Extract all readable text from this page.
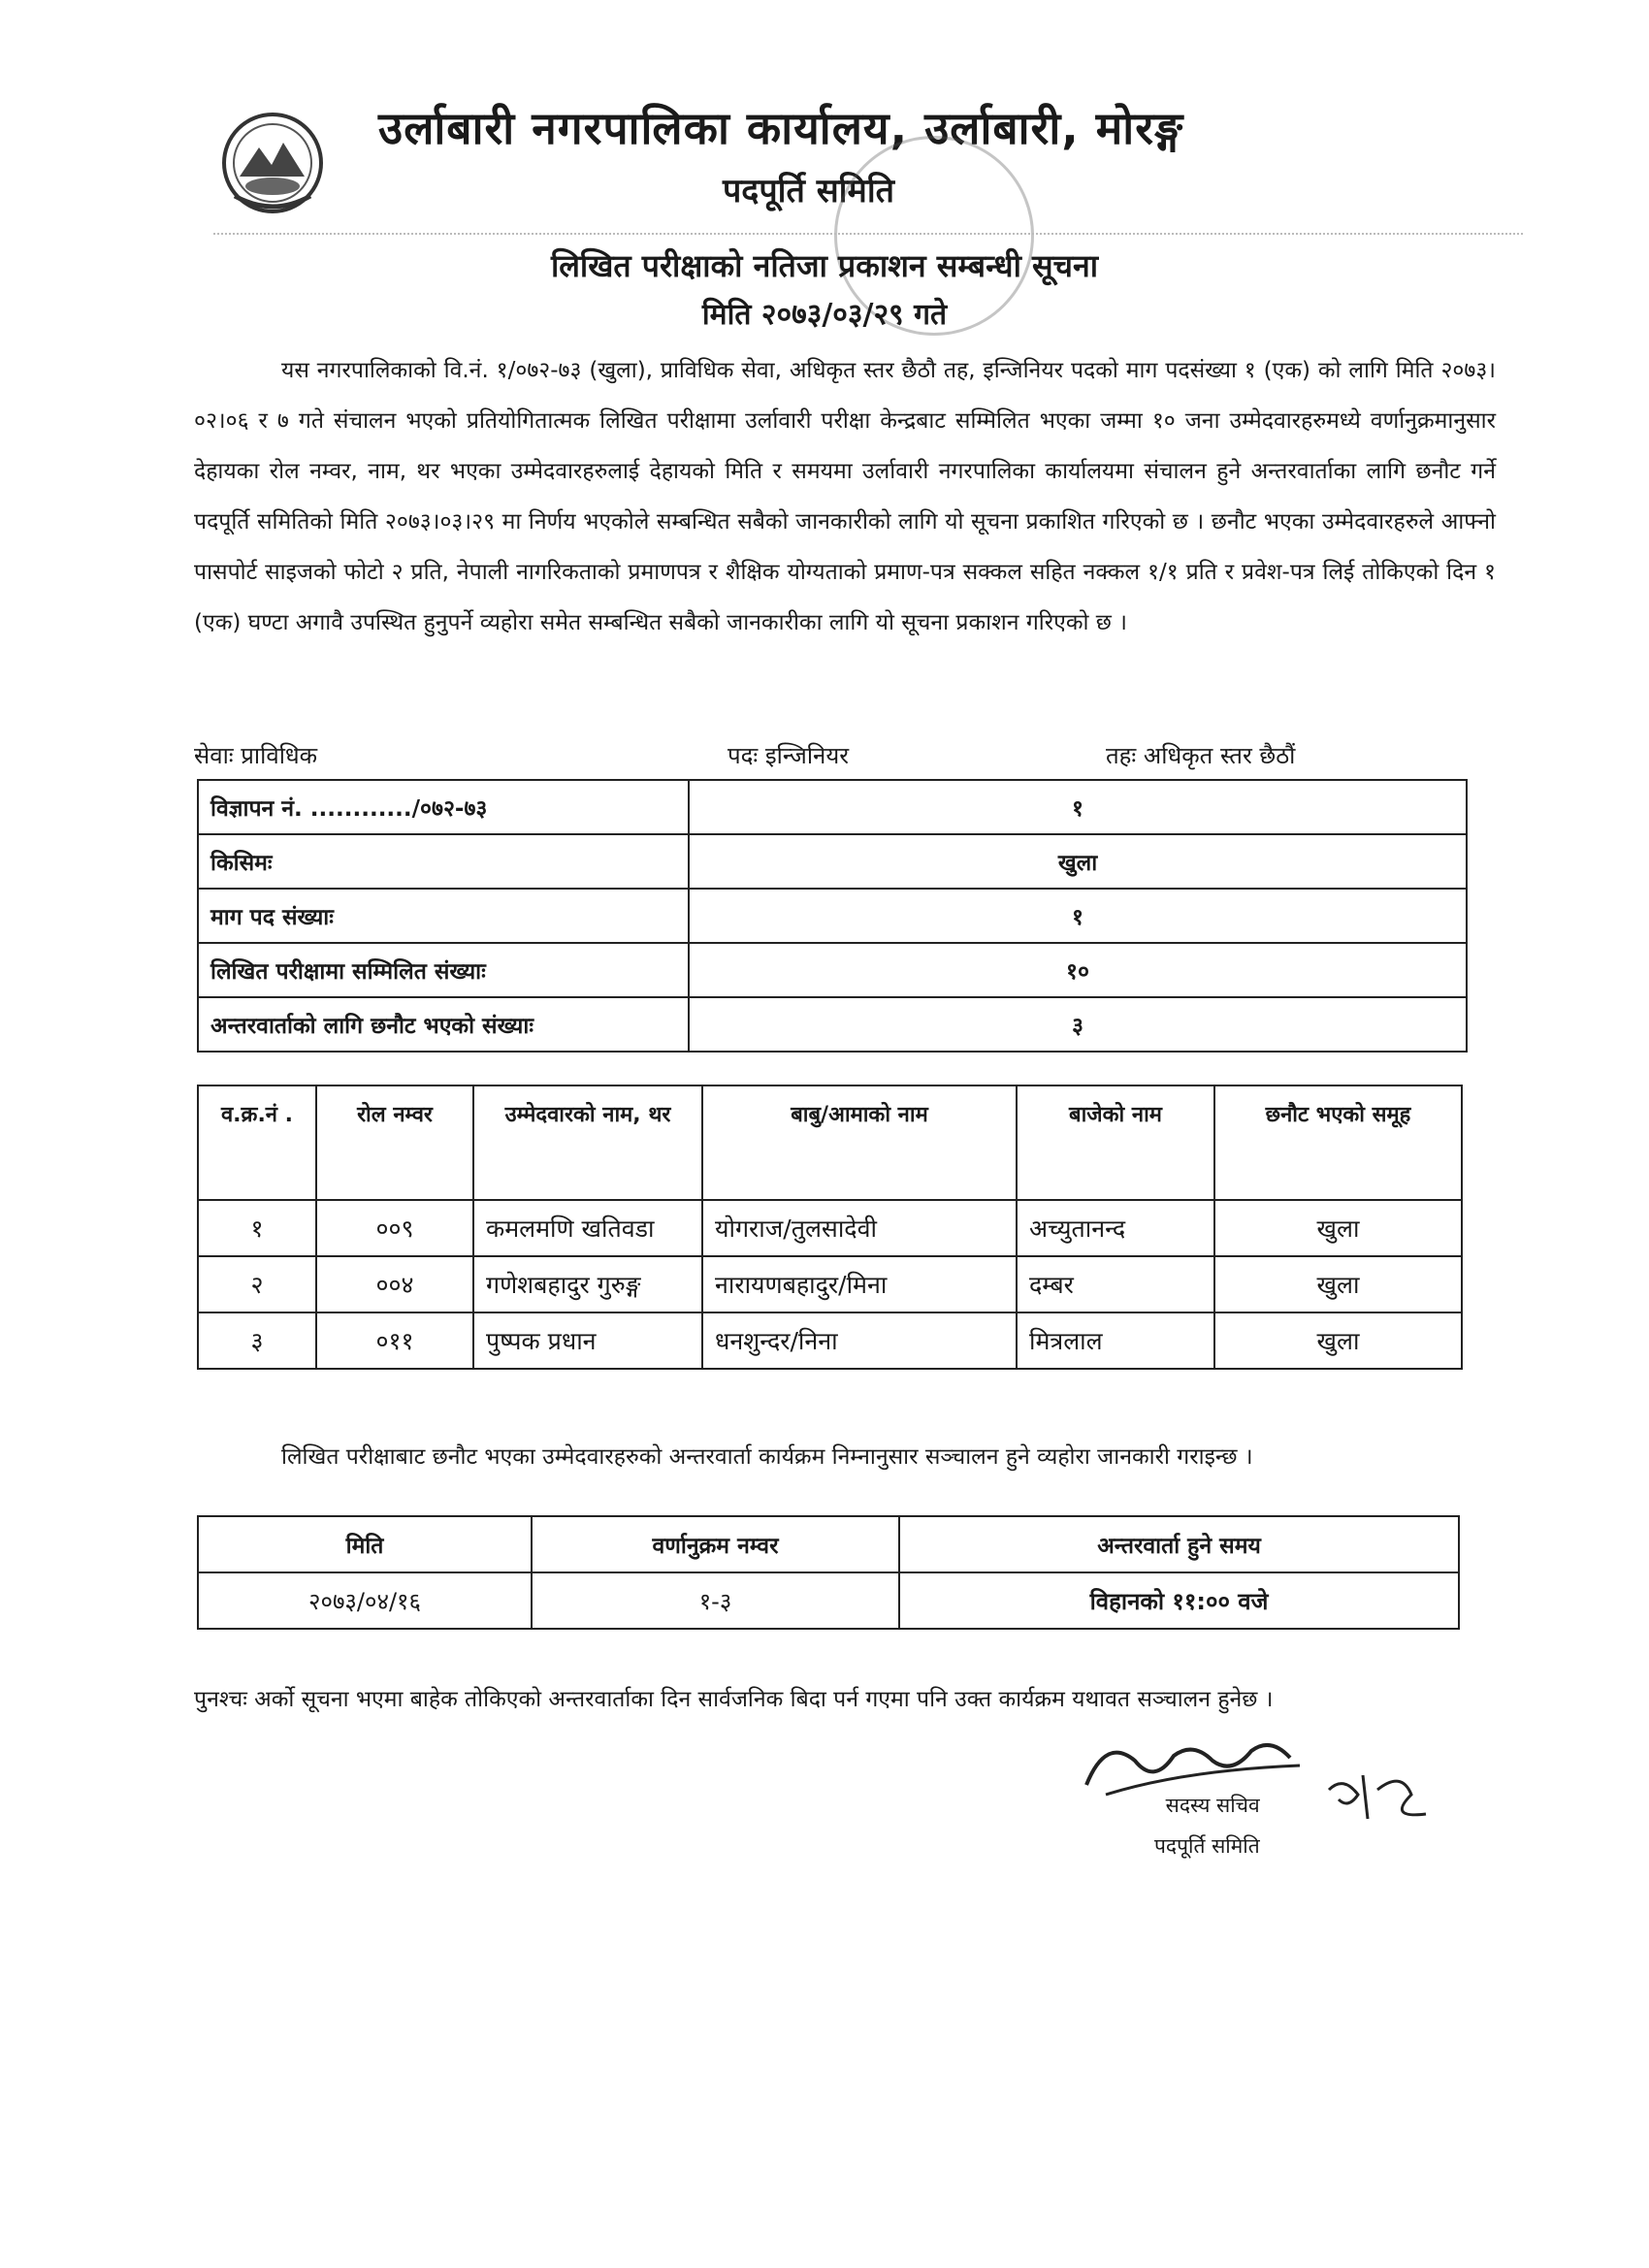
उर्लाबारी नगरपालिका कार्यालय, उर्लाबारी, मोरङ्ग
पदपूर्ति समिति
लिखित परीक्षाको नतिजा प्रकाशन सम्बन्धी सूचना
मिति २०७३/०३/२९ गते

यस नगरपालिकाको वि.नं. १/०७२-७३ (खुला), प्राविधिक सेवा, अधिकृत स्तर छैठौ तह, इन्जिनियर पदको माग पदसंख्या १ (एक) को लागि मिति २०७३।०२।०६ र ७ गते संचालन भएको प्रतियोगितात्मक लिखित परीक्षामा उर्लावारी परीक्षा केन्द्रबाट सम्मिलित भएका जम्मा १० जना उम्मेदवारहरुमध्ये वर्णानुक्रमानुसार देहायका रोल नम्वर, नाम, थर भएका उम्मेदवारहरुलाई देहायको मिति र समयमा उर्लावारी नगरपालिका कार्यालयमा संचालन हुने अन्तरवार्ताका लागि छनौट गर्ने पदपूर्ति समितिको मिति २०७३।०३।२९ मा निर्णय भएकोले सम्बन्धित सबैको जानकारीको लागि यो सूचना प्रकाशित गरिएको छ । छनौट भएका उम्मेदवारहरुले आफ्नो पासपोर्ट साइजको फोटो २ प्रति, नेपाली नागरिकताको प्रमाणपत्र र शैक्षिक योग्यताको प्रमाण-पत्र सक्कल सहित नक्कल १/१ प्रति र प्रवेश-पत्र लिई तोकिएको दिन १ (एक) घण्टा अगावै उपस्थित हुनुपर्ने व्यहोरा समेत सम्बन्धित सबैको जानकारीका लागि यो सूचना प्रकाशन गरिएको छ ।

सेवाः प्राविधिक	पदः इन्जिनियर	तहः अधिकृत स्तर छैठौं
विज्ञापन नं. ............/०७२-७३	१
किसिमः	खुला
माग पद संख्याः	१
लिखित परीक्षामा सम्मिलित संख्याः	१०
अन्तरवार्ताको लागि छनौट भएको संख्याः	३
व.क्र.नं .	रोल नम्वर	उम्मेदवारको नाम, थर	बाबु/आमाको नाम	बाजेको नाम	छनौट भएको समूह
१	००९	कमलमणि खतिवडा	योगराज/तुलसादेवी	अच्युतानन्द	खुला
२	००४	गणेशबहादुर गुरुङ्ग	नारायणबहादुर/मिना	दम्बर	खुला
३	०११	पुष्पक प्रधान	धनशुन्दर/निना	मित्रलाल	खुला

लिखित परीक्षाबाट छनौट भएका उम्मेदवारहरुको अन्तरवार्ता कार्यक्रम निम्नानुसार सञ्चालन हुने व्यहोरा जानकारी गराइन्छ ।

मिति	वर्णानुक्रम नम्वर	अन्तरवार्ता हुने समय
२०७३/०४/१६	१-३	विहानको ११:०० वजे
पुनश्चः अर्को सूचना भएमा बाहेक तोकिएको अन्तरवार्ताका दिन सार्वजनिक बिदा पर्न गएमा पनि उक्त कार्यक्रम यथावत सञ्चालन हुनेछ ।
सदस्य सचिव
पदपूर्ति समिति
